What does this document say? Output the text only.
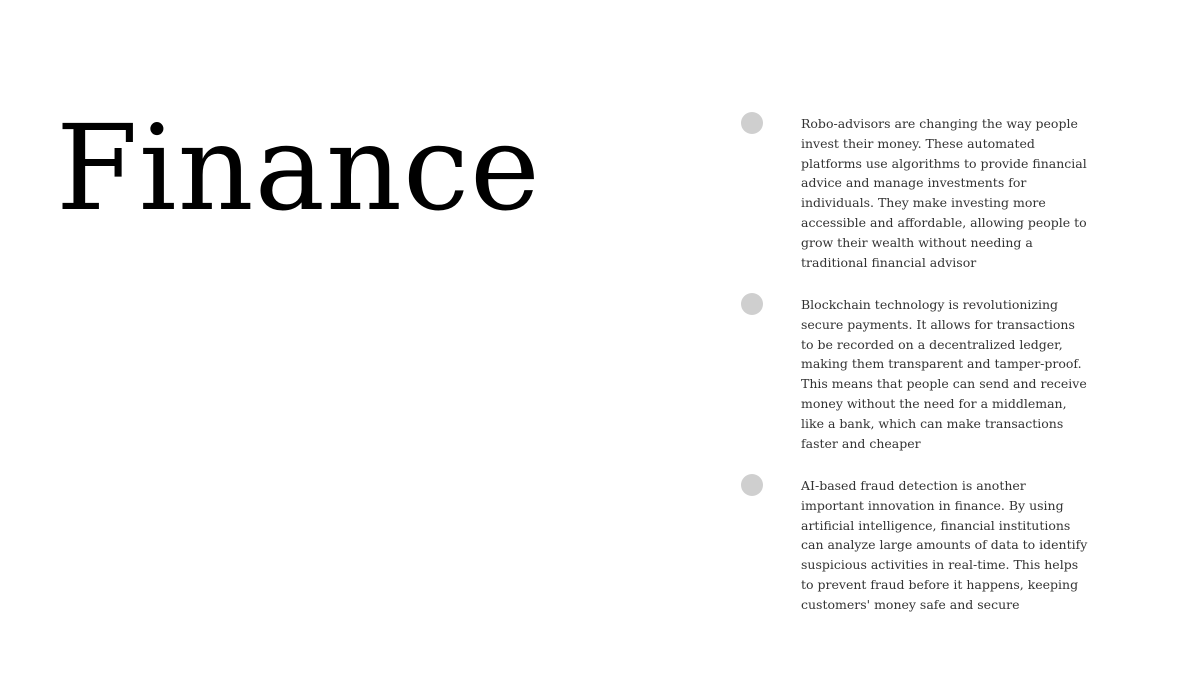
Finance	Robo-advisors are changing the way people invest their money. These automated platforms use algorithms to provide financial advice and manage investments for individuals. They make investing more accessible and affordable, allowing people to grow their wealth without needing a traditional financial advisor

Blockchain technology is revolutionizing secure payments. It allows for transactions to be recorded on a decentralized ledger, making them transparent and tamper-proof. This means that people can send and receive money without the need for a middleman, like a bank, which can make transactions faster and cheaper

AI-based fraud detection is another important innovation in finance. By using artificial intelligence, financial institutions can analyze large amounts of data to identify suspicious activities in real-time. This helps to prevent fraud before it happens, keeping customers' money safe and secure
